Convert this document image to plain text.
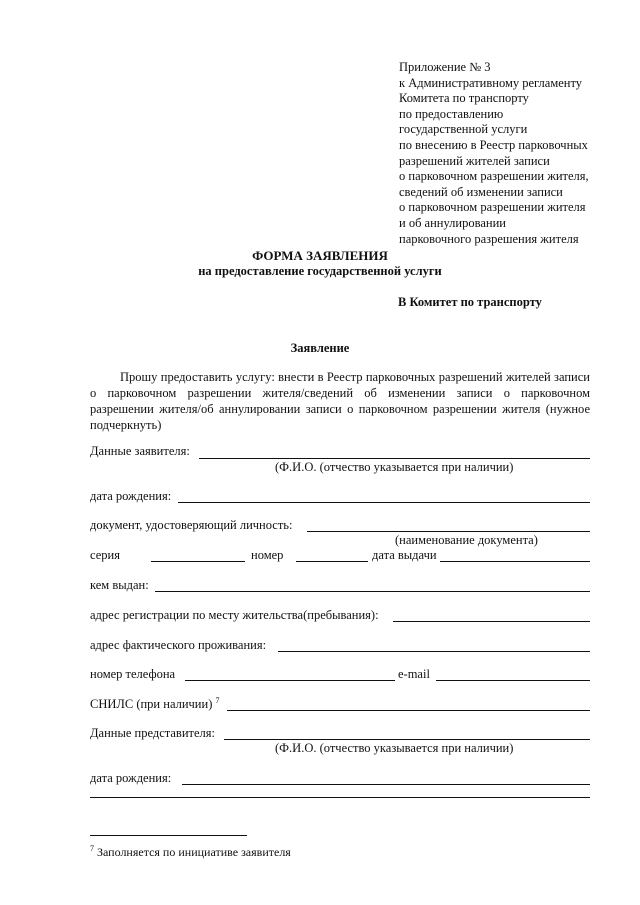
Приложение № 3
к Административному регламенту
Комитета по транспорту
по предоставлению
государственной услуги
по внесению в Реестр парковочных
разрешений жителей записи
о парковочном разрешении жителя,
сведений об изменении записи
о парковочном разрешении жителя
и об аннулировании
парковочного разрешения жителя
ФОРМА ЗАЯВЛЕНИЯ
на предоставление государственной услуги
В Комитет по транспорту
Заявление
Прошу предоставить услугу: внести в Реестр парковочных разрешений жителей записи о парковочном разрешении жителя/сведений об изменении записи о парковочном разрешении жителя/об аннулировании записи о парковочном разрешении жителя (нужное подчеркнуть)
Данные заявителя:
(Ф.И.О. (отчество указывается при наличии)
дата рождения:
документ, удостоверяющий личность:
(наименование документа)
серия	номер	дата выдачи
кем выдан:
адрес регистрации по месту жительства(пребывания):
адрес фактического проживания:
номер телефона	e-mail
СНИЛС (при наличии) $^7$
Данные представителя:
(Ф.И.О. (отчество указывается при наличии)
дата рождения:
$^7$ Заполняется по инициативе заявителя
